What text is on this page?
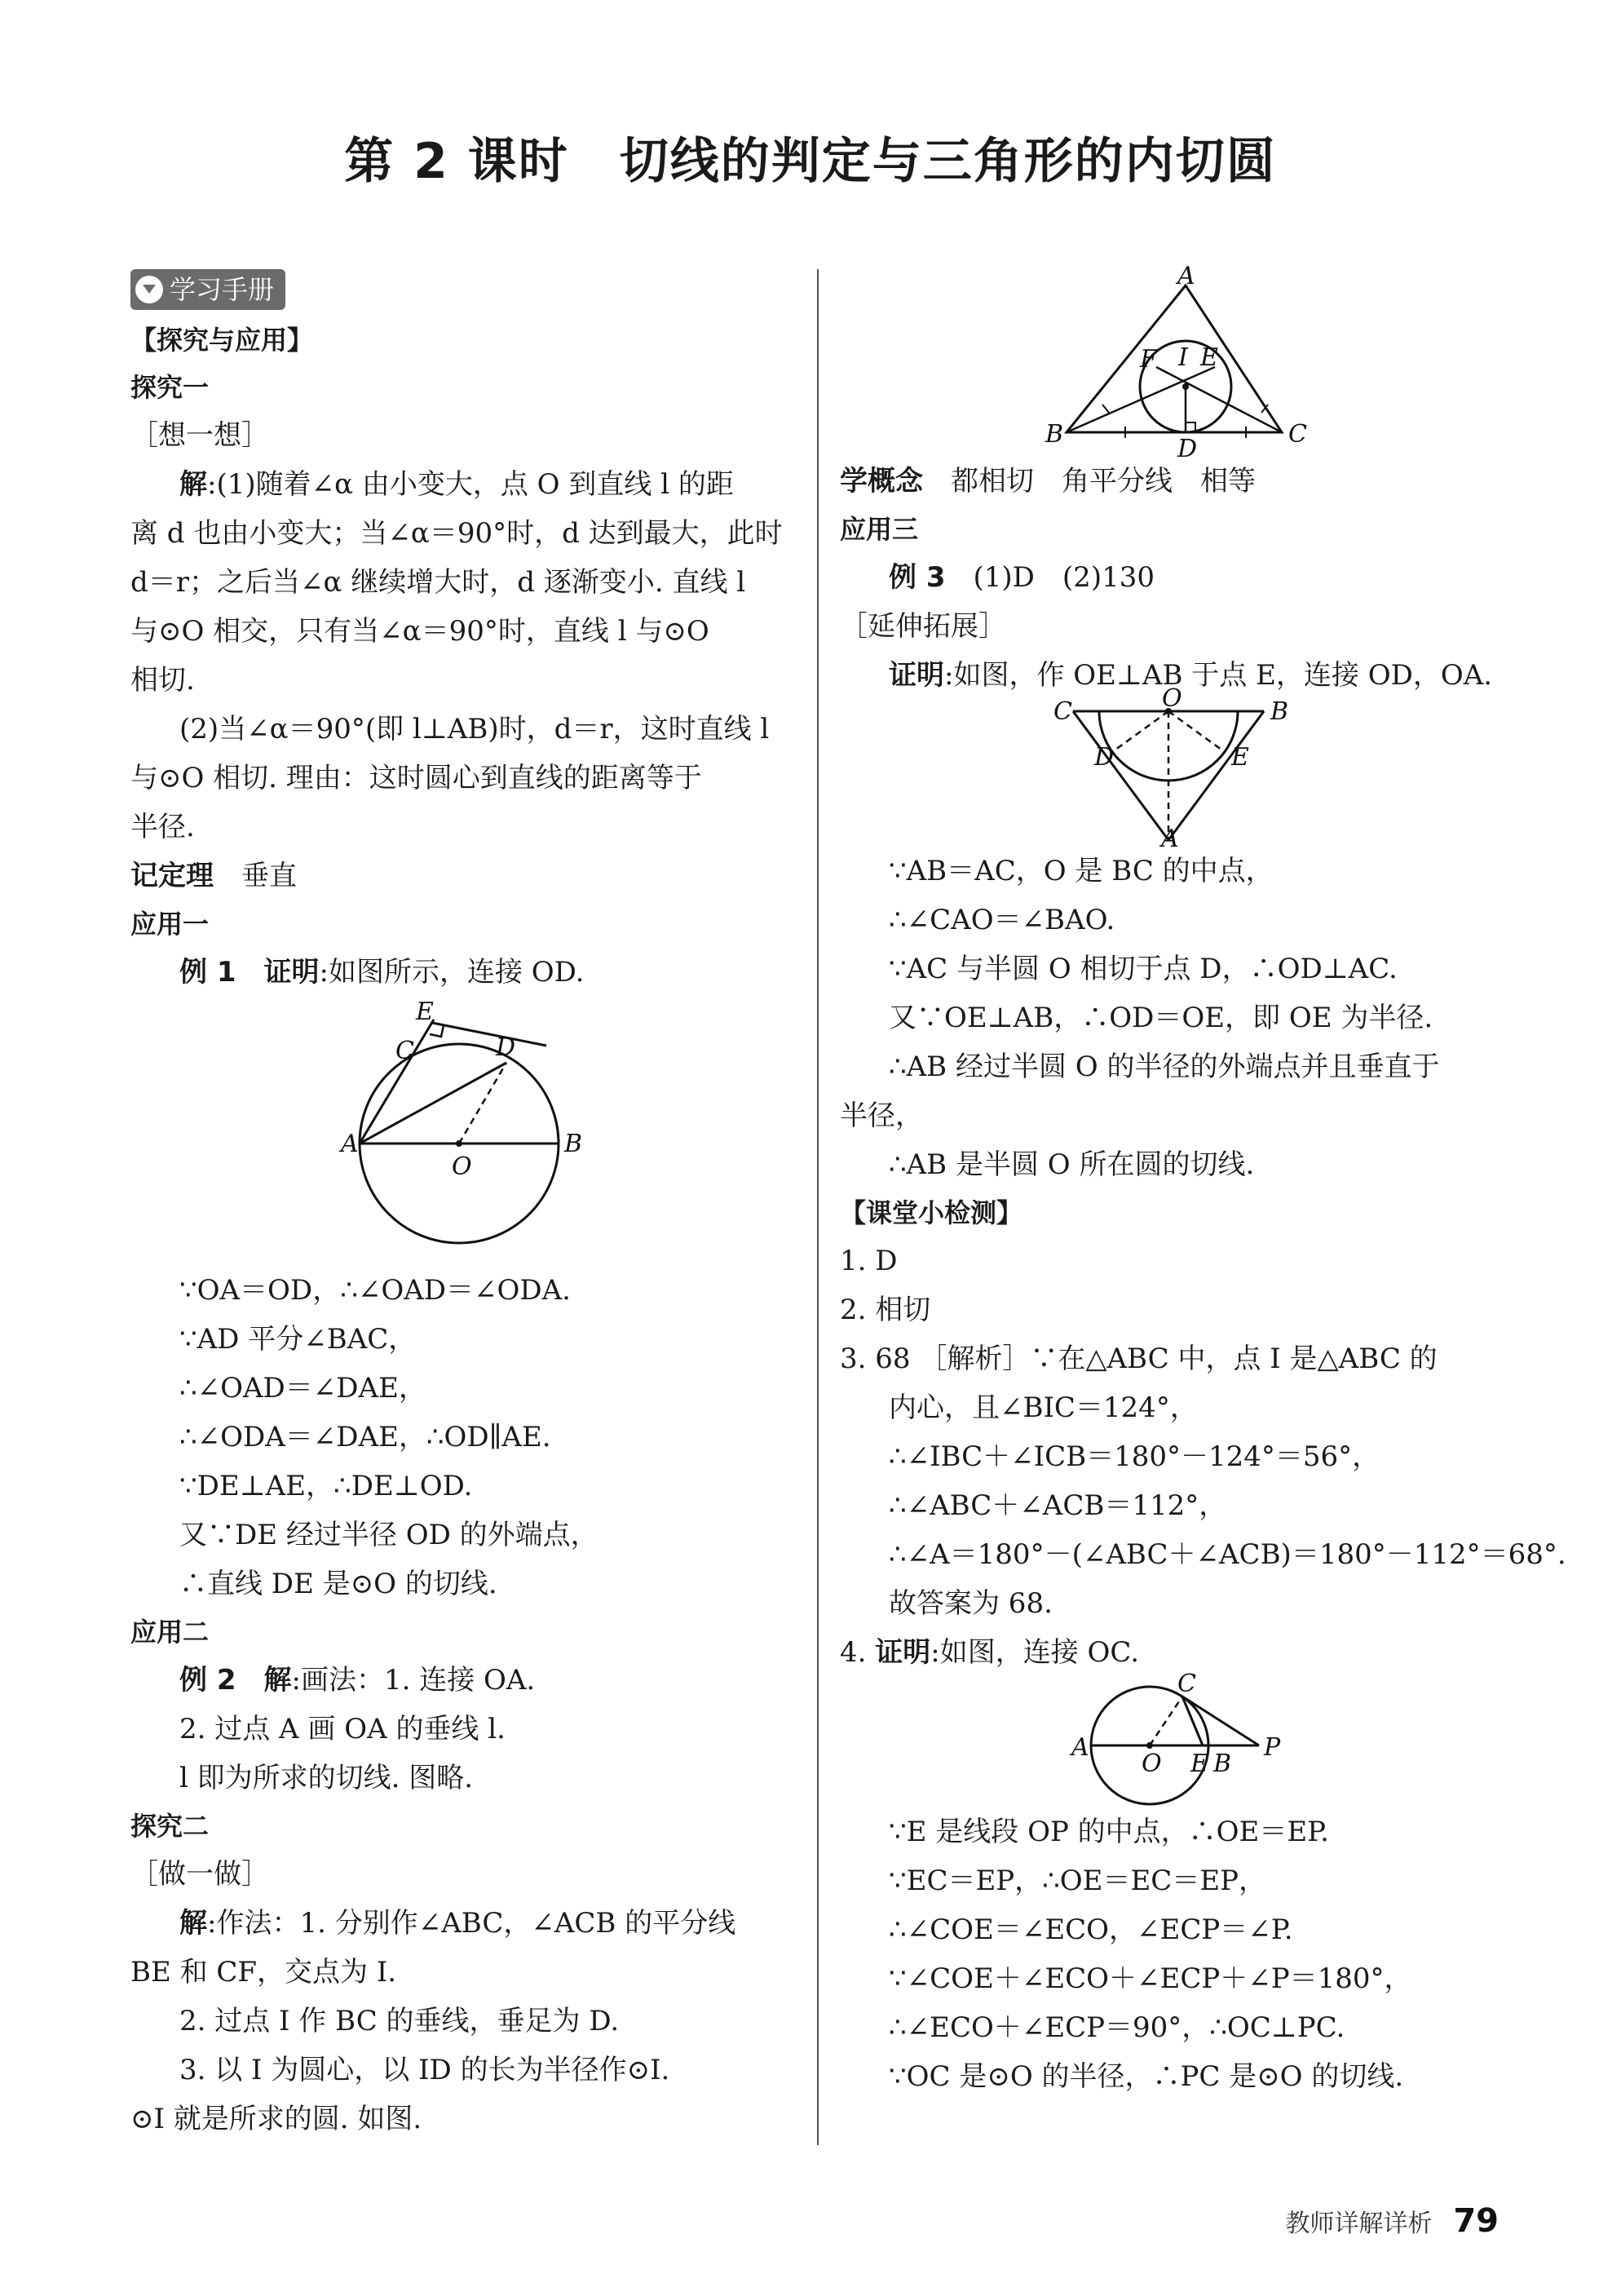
第 2 课时　切线的判定与三角形的内切圆
学习手册
【探究与应用】
探究一
［想一想］
解:(1)随着∠α 由小变大，点 O 到直线 l 的距
离 d 也由小变大；当∠α＝90°时，d 达到最大，此时
d＝r；之后当∠α 继续增大时，d 逐渐变小. 直线 l
与⊙O 相交，只有当∠α＝90°时，直线 l 与⊙O
相切.
(2)当∠α＝90°(即 l⊥AB)时，d＝r，这时直线 l
与⊙O 相切. 理由：这时圆心到直线的距离等于
半径.
记定理　 垂直
应用一
例 1　 证明:如图所示，连接 OD.
E
C	D
A
O
B
∵OA＝OD，∴∠OAD＝∠ODA.
∵AD 平分∠BAC，
∴∠OAD＝∠DAE，
∴∠ODA＝∠DAE，∴OD∥AE.
∵DE⊥AE，∴DE⊥OD.
又∵DE 经过半径 OD 的外端点，
∴直线 DE 是⊙O 的切线.
应用二
例 2　 解:画法：1. 连接 OA.
2. 过点 A 画 OA 的垂线 l.
l 即为所求的切线. 图略.
探究二
［做一做］
解:作法：1. 分别作∠ABC，∠ACB 的平分线
BE 和 CF，交点为 I.
2. 过点 I 作 BC 的垂线，垂足为 D.
3. 以 I 为圆心，以 ID 的长为半径作⊙I.
⊙I 就是所求的圆. 如图.
A
F I E
B
D
C
学概念　 都相切　角平分线　相等
应用三
例 3　 (1)D　(2)130
［延伸拓展］
证明:如图，作 OE⊥AB 于点 E，连接 OD，OA.
C	O	B
D	E
A
∵AB＝AC，O 是 BC 的中点，
∴∠CAO＝∠BAO.
∵AC 与半圆 O 相切于点 D，∴OD⊥AC.
又∵OE⊥AB，∴OD＝OE，即 OE 为半径.
∴AB 经过半圆 O 的半径的外端点并且垂直于
半径，
∴AB 是半圆 O 所在圆的切线.
【课堂小检测】
1. D
2. 相切
3. 68 ［解析］∵在△ABC 中，点 I 是△ABC 的
内心，且∠BIC＝124°，
∴∠IBC＋∠ICB＝180°－124°＝56°，
∴∠ABC＋∠ACB＝112°，
∴∠A＝180°－(∠ABC＋∠ACB)＝180°－112°＝68°.
故答案为 68.
4. 证明:如图，连接 OC.
C
A
O E B
P
∵E 是线段 OP 的中点，∴OE＝EP.
∵EC＝EP，∴OE＝EC＝EP，
∴∠COE＝∠ECO，∠ECP＝∠P.
∵∠COE＋∠ECO＋∠ECP＋∠P＝180°，
∴∠ECO＋∠ECP＝90°，∴OC⊥PC.
∵OC 是⊙O 的半径，∴PC 是⊙O 的切线.
教师详解详析 79
